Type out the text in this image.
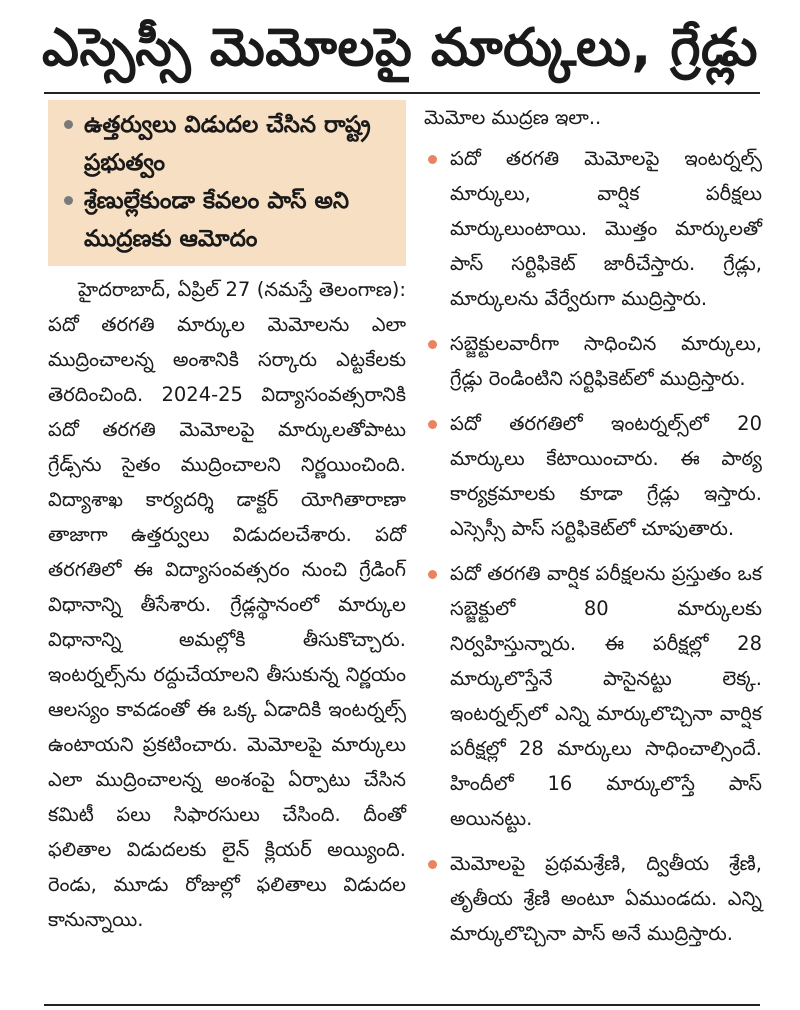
ఎస్సెస్సీ మెమోలపై మార్కులు, గ్రేడ్లు
ఉత్తర్వులు విడుదల చేసిన రాష్ట్ర ప్రభుత్వం
శ్రేణుల్లేకుండా కేవలం పాస్ అని ముద్రణకు ఆమోదం

హైదరాబాద్, ఏప్రిల్ 27 (నమస్తే తెలంగాణ): పదో తరగతి మార్కుల మెమోలను ఎలా ముద్రించాలన్న అంశానికి సర్కారు ఎట్టకేలకు తెరదించింది. 2024-25 విద్యాసంవత్సరానికి పదో తరగతి మెమోలపై మార్కులతోపాటు గ్రేడ్స్‌ను సైతం ముద్రించాలని నిర్ణయించింది. విద్యాశాఖ కార్యదర్శి డాక్టర్ యోగితారాణా తాజాగా ఉత్తర్వులు విడుదలచేశారు. పదో తరగతిలో ఈ విద్యాసంవత్సరం నుంచి గ్రేడింగ్ విధానాన్ని తీసేశారు. గ్రేడ్లస్థానంలో మార్కుల విధానాన్ని అమల్లోకి తీసుకొచ్చారు. ఇంటర్నల్స్‌ను రద్దుచేయాలని తీసుకున్న నిర్ణయం ఆలస్యం కావడంతో ఈ ఒక్క ఏడాదికి ఇంటర్నల్స్ ఉంటాయని ప్రకటించారు. మెమోలపై మార్కులు ఎలా ముద్రించాలన్న అంశంపై ఏర్పాటు చేసిన కమిటీ పలు సిఫారసులు చేసింది. దీంతో ఫలితాల విడుదలకు లైన్ క్లియర్ అయ్యింది. రెండు, మూడు రోజుల్లో ఫలితాలు విడుదల కానున్నాయి.

మెమోల ముద్రణ ఇలా..
పదో తరగతి మెమోలపై ఇంటర్నల్స్ మార్కులు, వార్షిక పరీక్షలు మార్కులుంటాయి. మొత్తం మార్కులతో పాస్ సర్టిఫికెట్ జారీచేస్తారు. గ్రేడ్లు, మార్కులను వేర్వేరుగా ముద్రిస్తారు.
సబ్జెక్టులవారీగా సాధించిన మార్కులు, గ్రేడ్లు రెండింటిని సర్టిఫికెట్‌లో ముద్రిస్తారు.
పదో తరగతిలో ఇంటర్నల్స్‌లో 20 మార్కులు కేటాయించారు. ఈ పాఠ్య కార్యక్రమాలకు కూడా గ్రేడ్లు ఇస్తారు. ఎస్సెస్సీ పాస్ సర్టిఫికెట్‌లో చూపుతారు.
పదో తరగతి వార్షిక పరీక్షలను ప్రస్తుతం ఒక సబ్జెక్టులో 80 మార్కులకు నిర్వహిస్తున్నారు. ఈ పరీక్షల్లో 28 మార్కులొస్తేనే పాసైనట్టు లెక్క. ఇంటర్నల్స్‌లో ఎన్ని మార్కులొచ్చినా వార్షిక పరీక్షల్లో 28 మార్కులు సాధించాల్సిందే. హిందీలో 16 మార్కులొస్తే పాస్ అయినట్టు.
మెమోలపై ప్రథమశ్రేణి, ద్వితీయ శ్రేణి, తృతీయ శ్రేణి అంటూ ఏముండదు. ఎన్ని మార్కులొచ్చినా పాస్ అనే ముద్రిస్తారు.
